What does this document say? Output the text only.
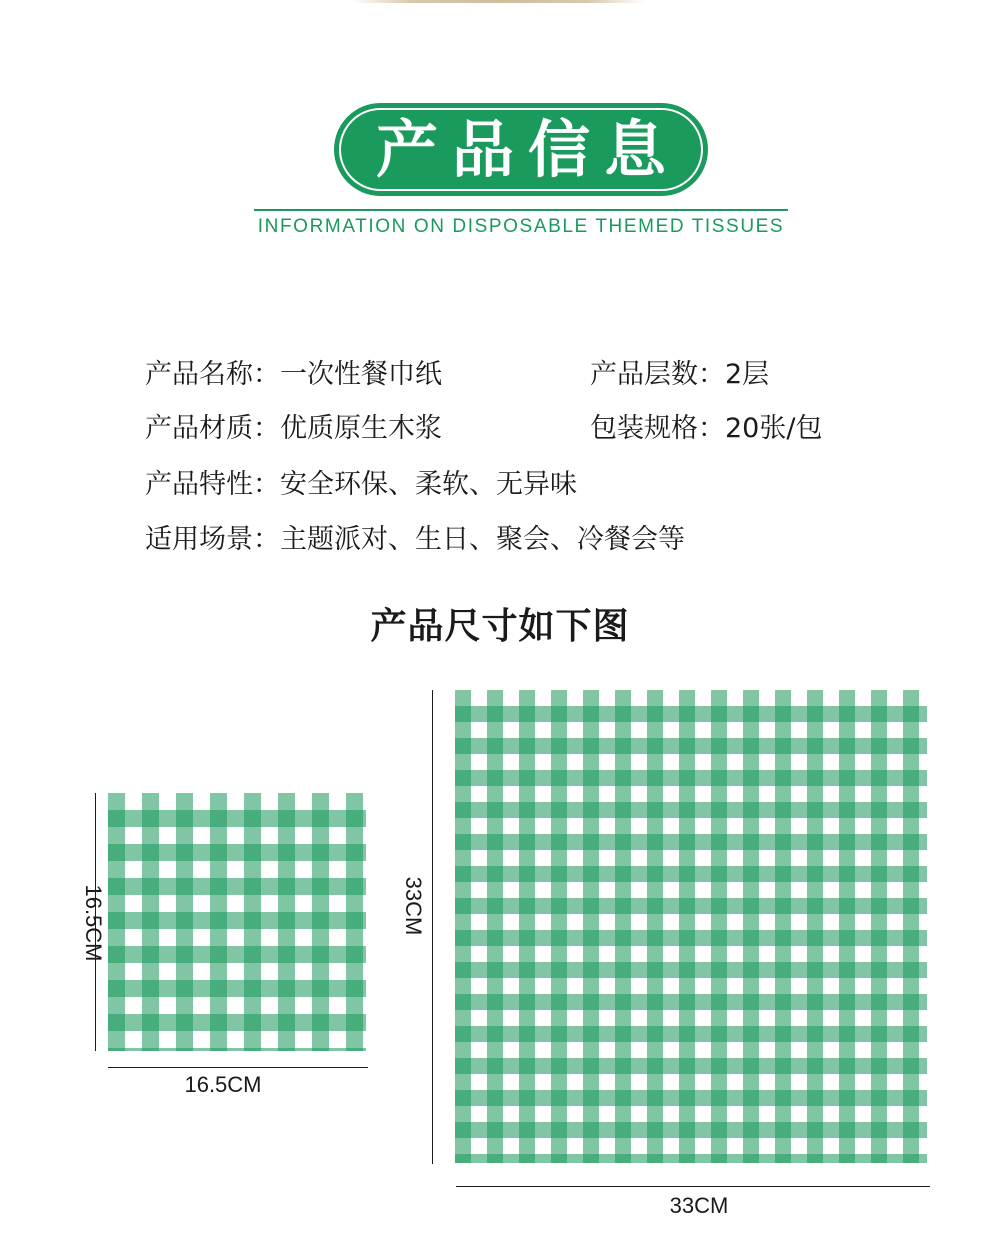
产品信息
INFORMATION ON DISPOSABLE THEMED TISSUES
产品名称：一次性餐巾纸	产品层数：2层
产品材质：优质原生木浆	包装规格：20张/包
产品特性：安全环保、柔软、无异味
适用场景：主题派对、生日、聚会、冷餐会等
产品尺寸如下图
16.5CM
16.5CM
33CM
33CM
